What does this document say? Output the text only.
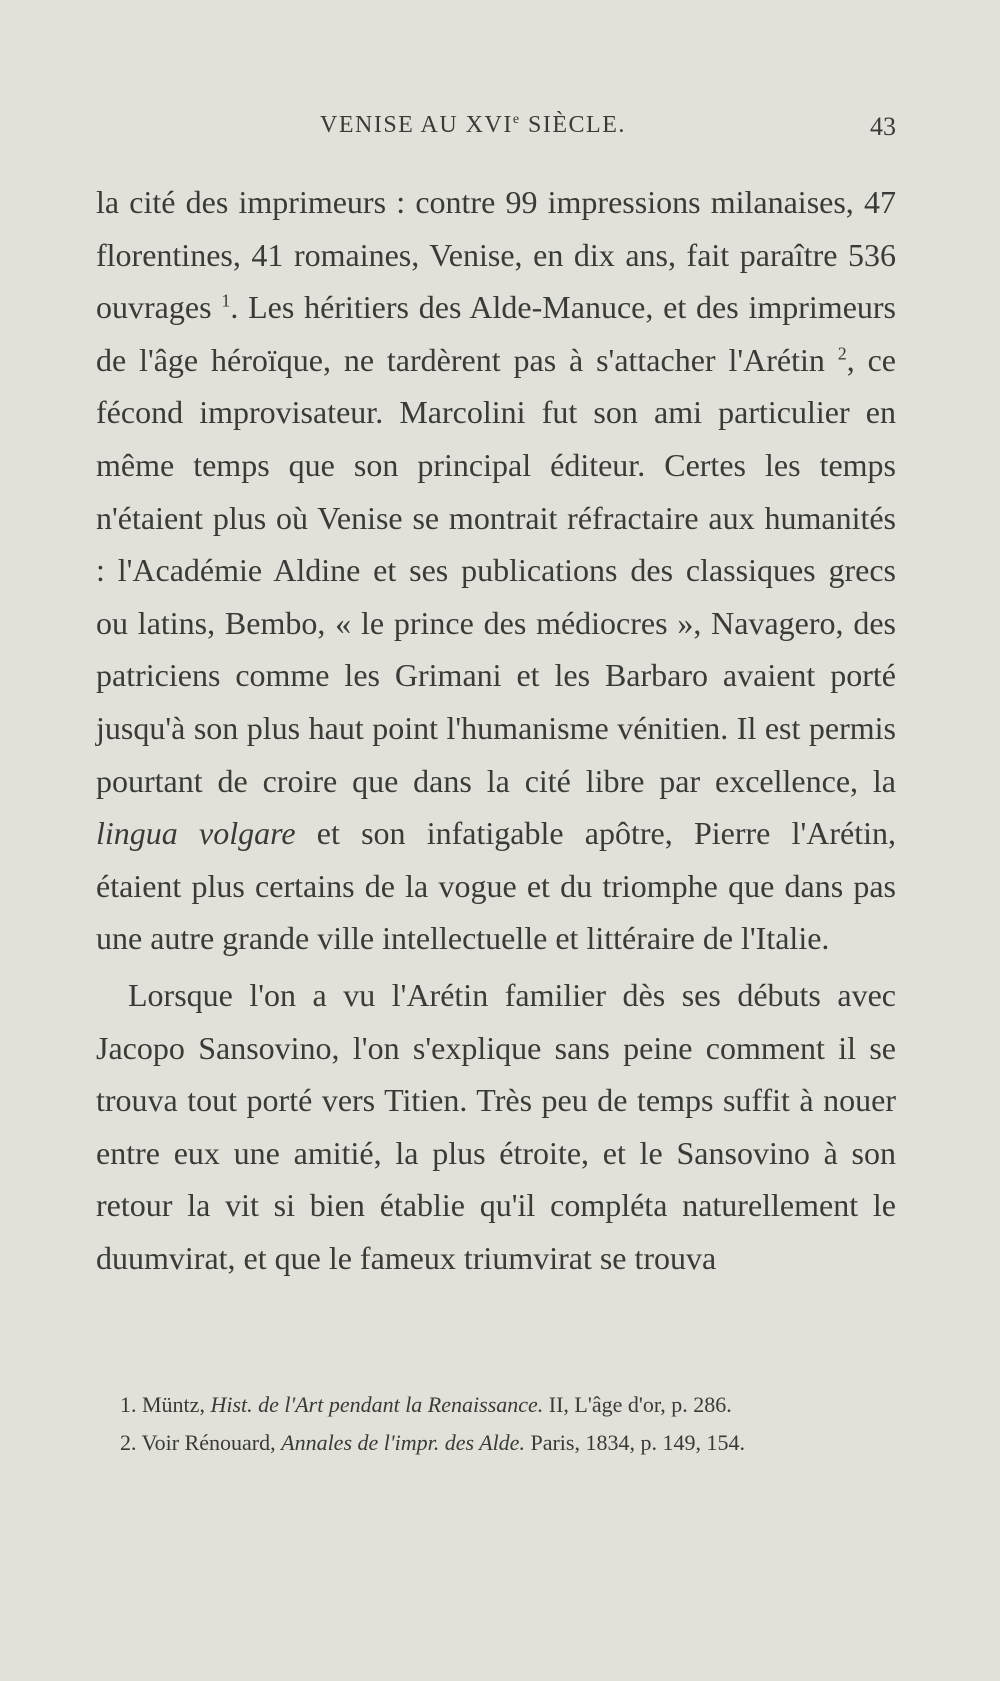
VENISE AU XVIe SIÈCLE.	43

la cité des imprimeurs : contre 99 impressions milanaises, 47 florentines, 41 romaines, Venise, en dix ans, fait paraître 536 ouvrages $^1$. Les héritiers des Alde-Manuce, et des imprimeurs de l'âge héroïque, ne tardèrent pas à s'attacher l'Arétin $^2$, ce fécond improvisateur. Marcolini fut son ami particulier en même temps que son principal éditeur. Certes les temps n'étaient plus où Venise se montrait réfractaire aux humanités : l'Académie Aldine et ses publications des classiques grecs ou latins, Bembo, « le prince des médiocres », Navagero, des patriciens comme les Grimani et les Barbaro avaient porté jusqu'à son plus haut point l'humanisme vénitien. Il est permis pourtant de croire que dans la cité libre par excellence, la lingua volgare et son infatigable apôtre, Pierre l'Arétin, étaient plus certains de la vogue et du triomphe que dans pas une autre grande ville intellectuelle et littéraire de l'Italie.

Lorsque l'on a vu l'Arétin familier dès ses débuts avec Jacopo Sansovino, l'on s'explique sans peine comment il se trouva tout porté vers Titien. Très peu de temps suffit à nouer entre eux une amitié, la plus étroite, et le Sansovino à son retour la vit si bien établie qu'il compléta naturellement le duumvirat, et que le fameux triumvirat se trouva

1. Müntz, Hist. de l'Art pendant la Renaissance. II, L'âge d'or, p. 286.

2. Voir Rénouard, Annales de l'impr. des Alde. Paris, 1834, p. 149, 154.
